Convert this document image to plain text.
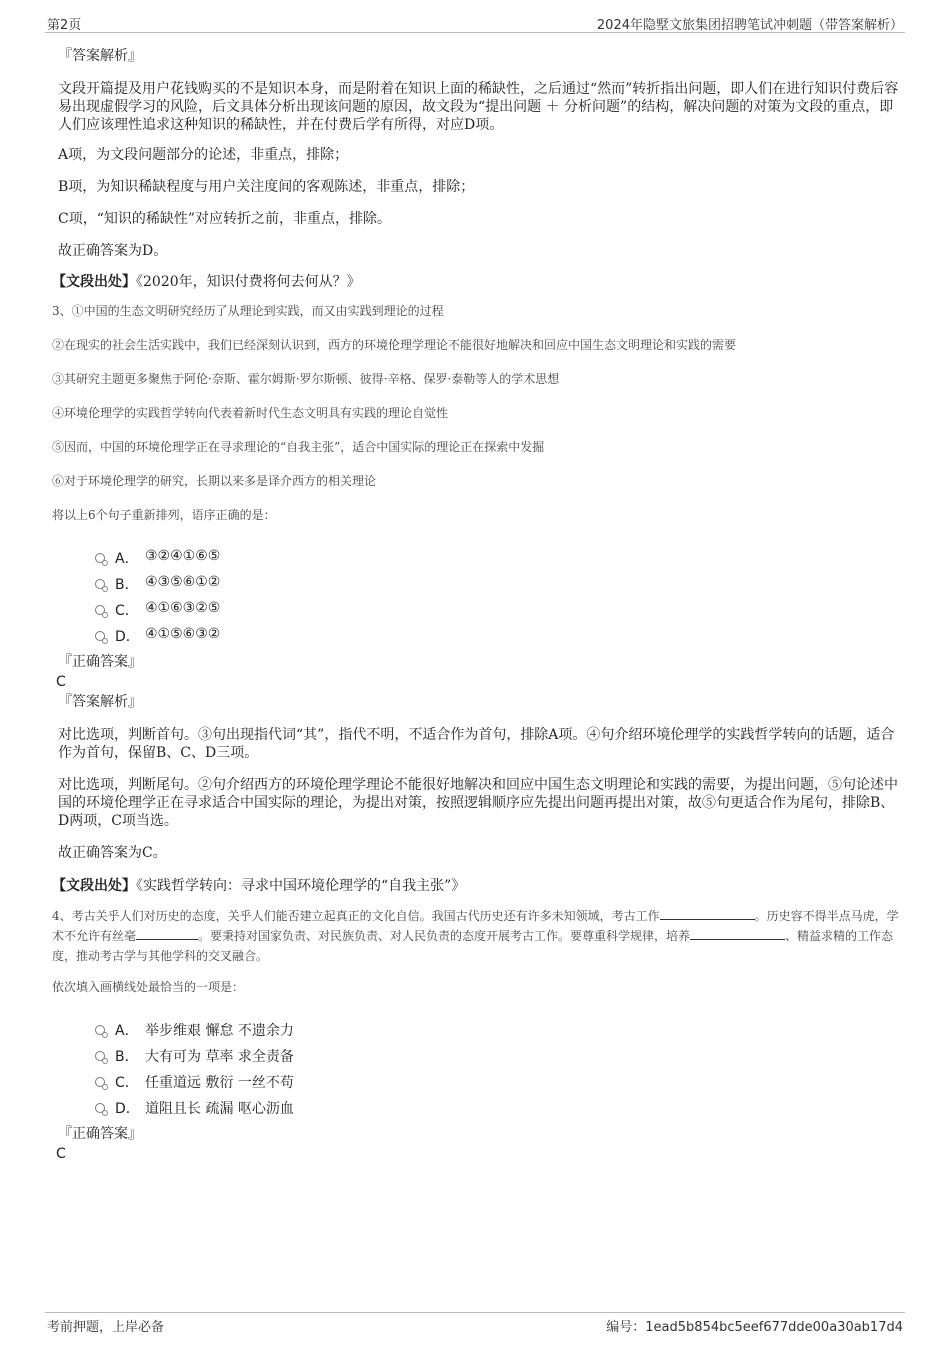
第2页	2024年隐墅文旅集团招聘笔试冲刺题（带答案解析）
『答案解析』

文段开篇提及用户花钱购买的不是知识本身，而是附着在知识上面的稀缺性，之后通过“然而”转折指出问题，即人们在进行知识付费后容易出现虚假学习的风险，后文具体分析出现该问题的原因，故文段为“提出问题 ＋ 分析问题”的结构，解决问题的对策为文段的重点，即人们应该理性追求这种知识的稀缺性，并在付费后学有所得，对应D项。

A项，为文段问题部分的论述，非重点，排除；

B项，为知识稀缺程度与用户关注度间的客观陈述，非重点，排除；

C项，“知识的稀缺性”对应转折之前，非重点，排除。

故正确答案为D。

【文段出处】《2020年，知识付费将何去何从？》

3、①中国的生态文明研究经历了从理论到实践，而又由实践到理论的过程

②在现实的社会生活实践中，我们已经深刻认识到，西方的环境伦理学理论不能很好地解决和回应中国生态文明理论和实践的需要

③其研究主题更多聚焦于阿伦·奈斯、霍尔姆斯·罗尔斯顿、彼得·辛格、保罗·泰勒等人的学术思想

④环境伦理学的实践哲学转向代表着新时代生态文明具有实践的理论自觉性

⑤因而，中国的环境伦理学正在寻求理论的“自我主张”，适合中国实际的理论正在探索中发掘

⑥对于环境伦理学的研究，长期以来多是译介西方的相关理论

将以上6个句子重新排列，语序正确的是：

A． ③②④①⑥⑤
B． ④③⑤⑥①②
C． ④①⑥③②⑤
D． ④①⑤⑥③②
『正确答案』
C
『答案解析』

对比选项，判断首句。③句出现指代词“其”，指代不明，不适合作为首句，排除A项。④句介绍环境伦理学的实践哲学转向的话题，适合作为首句，保留B、C、D三项。

对比选项，判断尾句。②句介绍西方的环境伦理学理论不能很好地解决和回应中国生态文明理论和实践的需要，为提出问题，⑤句论述中国的环境伦理学正在寻求适合中国实际的理论，为提出对策，按照逻辑顺序应先提出问题再提出对策，故⑤句更适合作为尾句，排除B、D两项，C项当选。

故正确答案为C。

【文段出处】《实践哲学转向：寻求中国环境伦理学的“自我主张”》

4、考古关乎人们对历史的态度，关乎人们能否建立起真正的文化自信。我国古代历史还有许多未知领域，考古工作	。历史容不得半点马虎，学术不允许有丝毫	。要秉持对国家负责、对民族负责、对人民负责的态度开展考古工作。要尊重科学规律，培养	、精益求精的工作态度，推动考古学与其他学科的交叉融合。

依次填入画横线处最恰当的一项是：

A． 举步维艰 懈怠 不遗余力
B． 大有可为 草率 求全责备
C． 任重道远 敷衍 一丝不苟
D． 道阻且长 疏漏 呕心沥血
『正确答案』
C
考前押题，上岸必备	编号：1ead5b854bc5eef677dde00a30ab17d4
